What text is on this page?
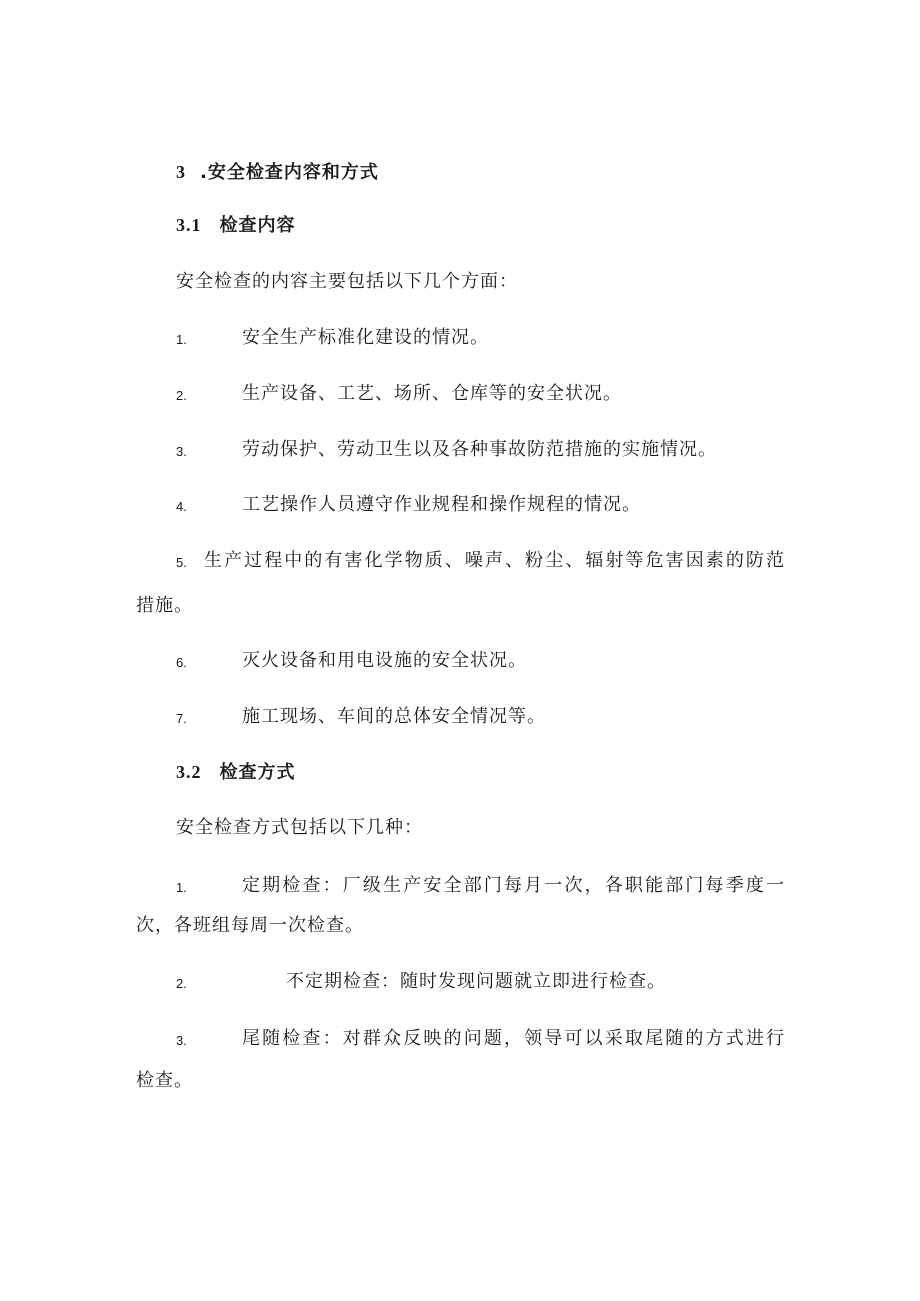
3 .安全检查内容和方式
3.1 检查内容
安全检查的内容主要包括以下几个方面：
1.	安全生产标准化建设的情况。
2.	生产设备、工艺、场所、仓库等的安全状况。
3.	劳动保护、劳动卫生以及各种事故防范措施的实施情况。
4.	工艺操作人员遵守作业规程和操作规程的情况。
5. 生产过程中的有害化学物质、噪声、粉尘、辐射等危害因素的防范
措施。
6.	灭火设备和用电设施的安全状况。
7.	施工现场、车间的总体安全情况等。
3.2 检查方式
安全检查方式包括以下几种：
1.	定期检查：厂级生产安全部门每月一次，各职能部门每季度一
次，各班组每周一次检查。
2.	不定期检查：随时发现问题就立即进行检查。
3.	尾随检查：对群众反映的问题，领导可以采取尾随的方式进行
检查。
